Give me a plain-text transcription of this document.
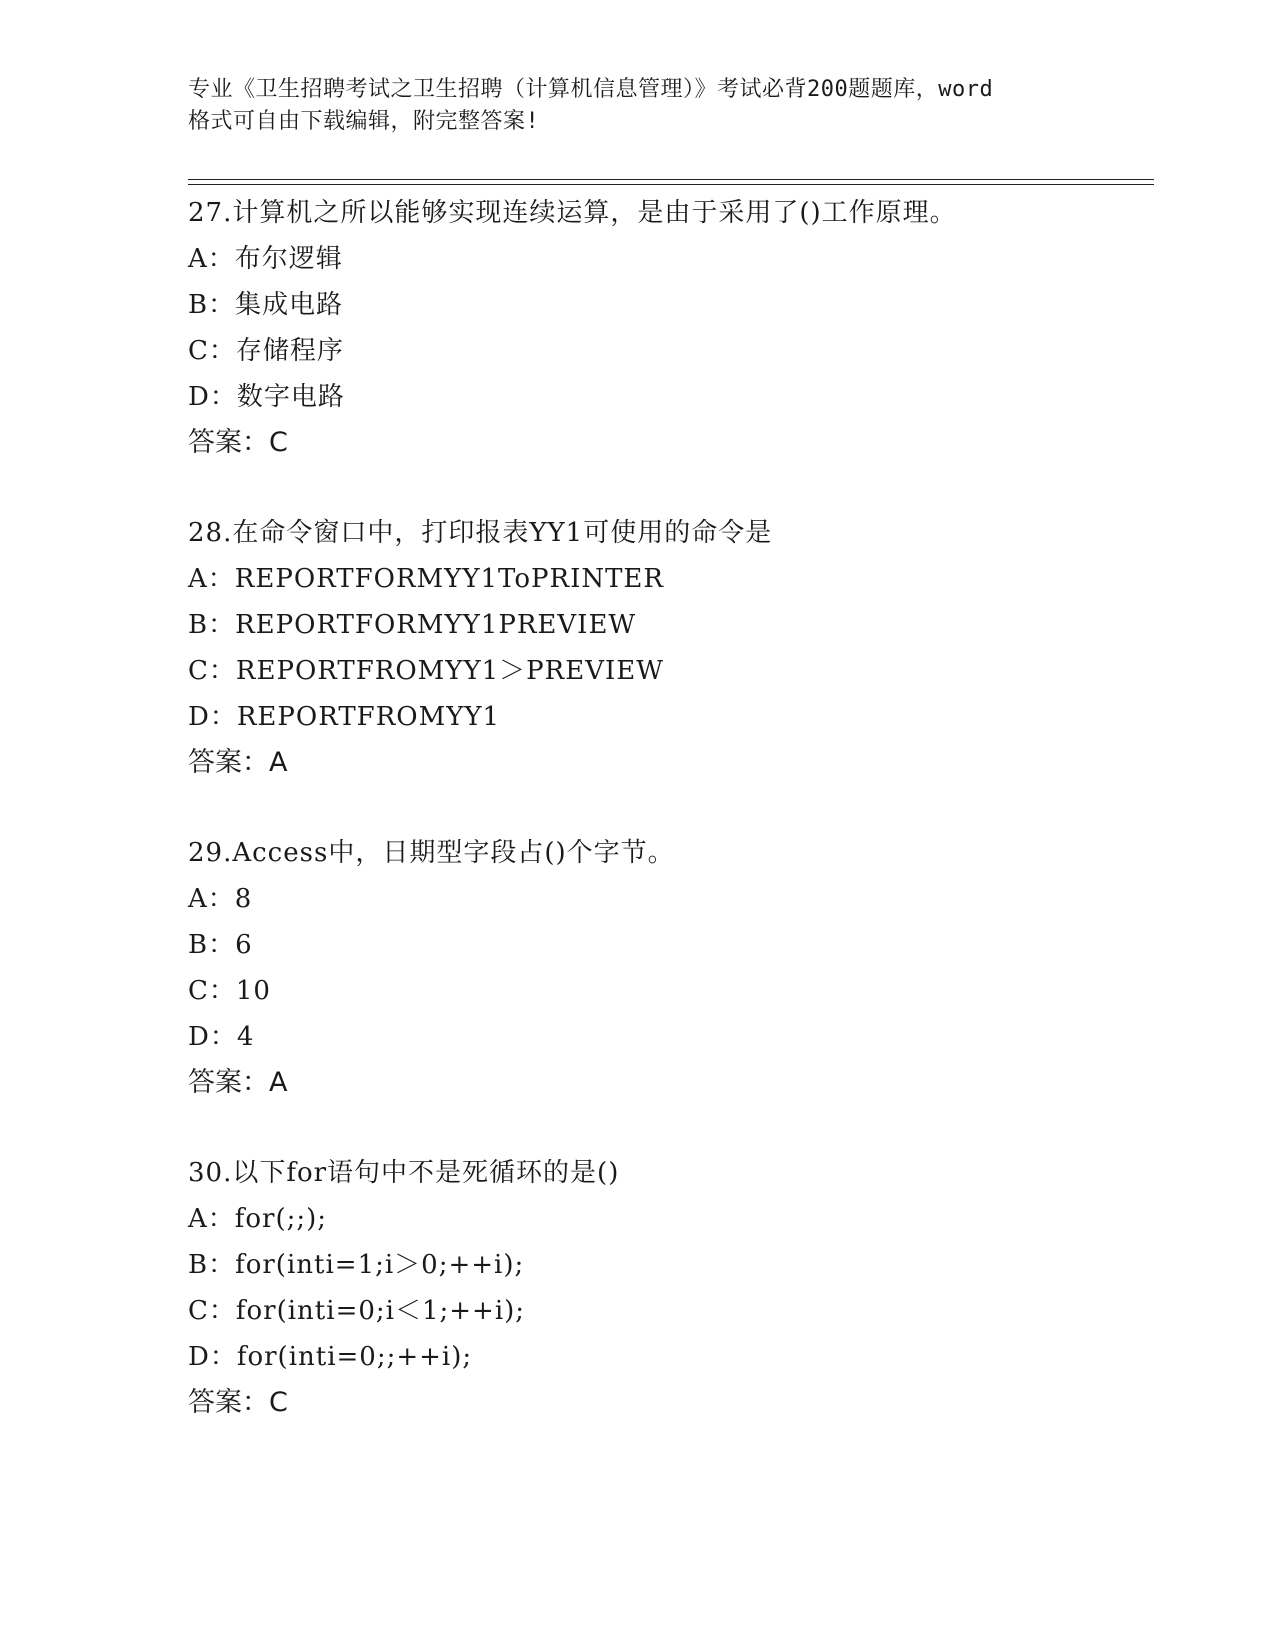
专业《卫生招聘考试之卫生招聘（计算机信息管理）》考试必背200题题库，word
格式可自由下载编辑，附完整答案!
27.计算机之所以能够实现连续运算，是由于采用了()工作原理。
A：布尔逻辑
B：集成电路
C：存储程序
D：数字电路
答案：C
28.在命令窗口中，打印报表YY1可使用的命令是
A：REPORTFORMYY1ToPRINTER
B：REPORTFORMYY1PREVIEW
C：REPORTFROMYY1＞PREVIEW
D：REPORTFROMYY1
答案：A
29.Access中，日期型字段占()个字节。
A：8
B：6
C：10
D：4
答案：A
30.以下for语句中不是死循环的是()
A：for(;;);
B：for(inti=1;i＞0;++i);
C：for(inti=0;i＜1;++i);
D：for(inti=0;;++i);
答案：C
